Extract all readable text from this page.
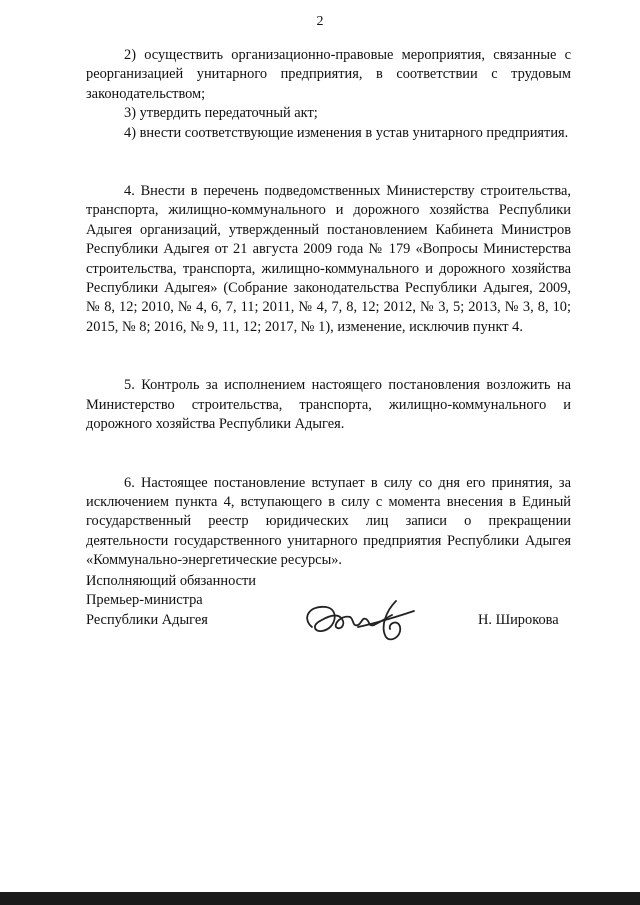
2

2) осуществить организационно-правовые мероприятия, связанные с реорганизацией унитарного предприятия, в соответствии с трудовым законодательством;

3) утвердить передаточный акт;

4) внести соответствующие изменения в устав унитарного предприятия.

4. Внести в перечень подведомственных Министерству строительства, транспорта, жилищно-коммунального и дорожного хозяйства Республики Адыгея организаций, утвержденный постановлением Кабинета Министров Республики Адыгея от 21 августа 2009 года № 179 «Вопросы Министерства строительства, транспорта, жилищно-коммунального и дорожного хозяйства Республики Адыгея» (Собрание законодательства Республики Адыгея, 2009, № 8, 12; 2010, № 4, 6, 7, 11; 2011, № 4, 7, 8, 12; 2012, № 3, 5; 2013, № 3, 8, 10; 2015, № 8; 2016, № 9, 11, 12; 2017, № 1), изменение, исключив пункт 4.

5. Контроль за исполнением настоящего постановления возложить на Министерство строительства, транспорта, жилищно-коммунального и дорожного хозяйства Республики Адыгея.

6. Настоящее постановление вступает в силу со дня его принятия, за исключением пункта 4, вступающего в силу с момента внесения в Единый государственный реестр юридических лиц записи о прекращении деятельности государственного унитарного предприятия Республики Адыгея «Коммунально-энергетические ресурсы».

Исполняющий обязанности
Премьер-министра
Республики Адыгея	Н. Широкова
